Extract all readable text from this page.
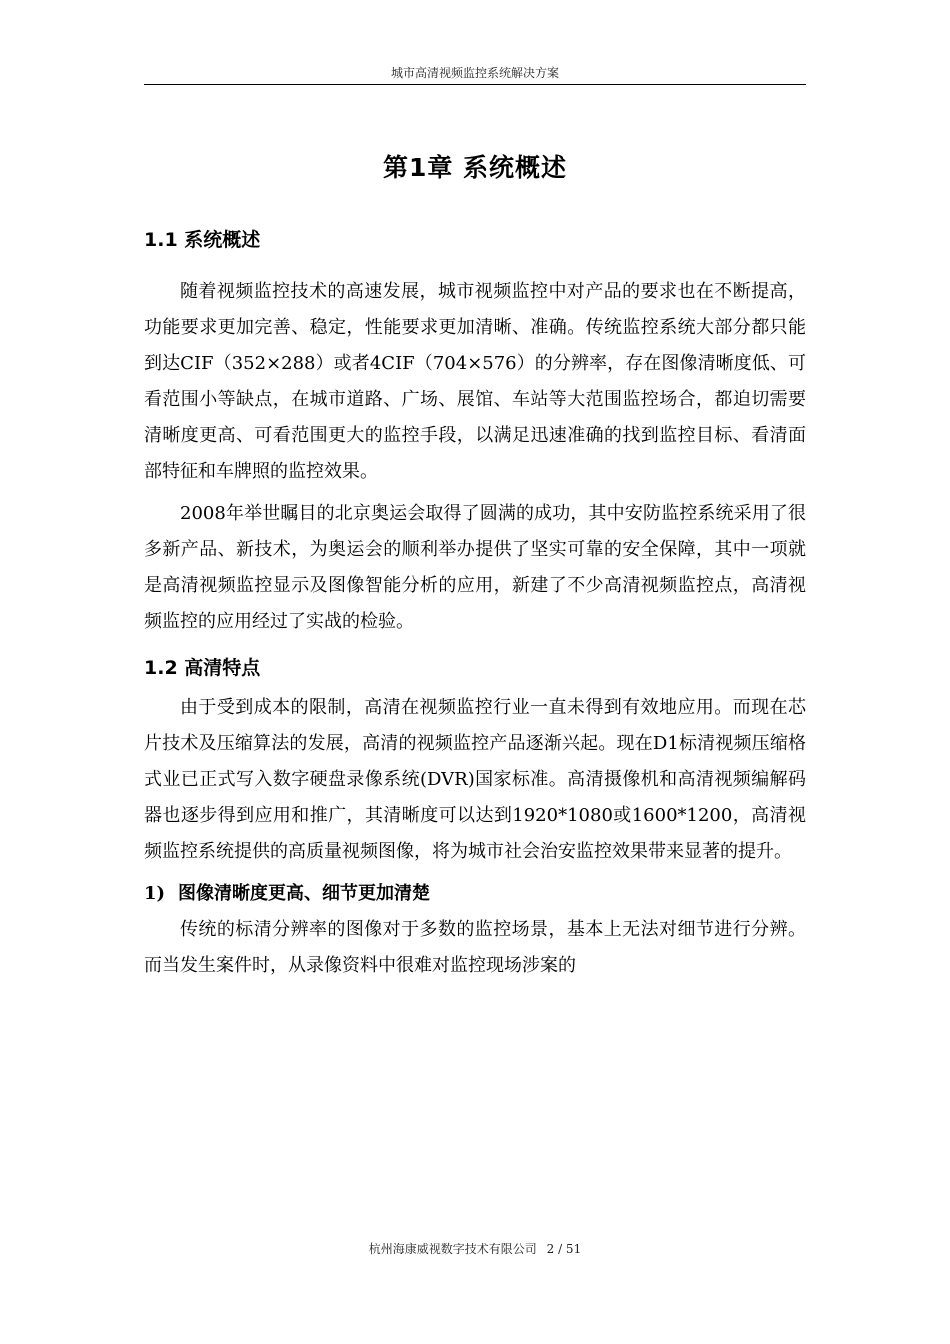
城市高清视频监控系统解决方案
第1章 系统概述
1.1 系统概述

随着视频监控技术的高速发展，城市视频监控中对产品的要求也在不断提高，功能要求更加完善、稳定，性能要求更加清晰、准确。传统监控系统大部分都只能到达CIF（352×288）或者4CIF（704×576）的分辨率，存在图像清晰度低、可看范围小等缺点，在城市道路、广场、展馆、车站等大范围监控场合，都迫切需要清晰度更高、可看范围更大的监控手段，以满足迅速准确的找到监控目标、看清面部特征和车牌照的监控效果。

2008年举世瞩目的北京奥运会取得了圆满的成功，其中安防监控系统采用了很多新产品、新技术，为奥运会的顺利举办提供了坚实可靠的安全保障，其中一项就是高清视频监控显示及图像智能分析的应用，新建了不少高清视频监控点，高清视频监控的应用经过了实战的检验。

1.2 高清特点

由于受到成本的限制，高清在视频监控行业一直未得到有效地应用。而现在芯片技术及压缩算法的发展，高清的视频监控产品逐渐兴起。现在D1标清视频压缩格式业已正式写入数字硬盘录像系统(DVR)国家标准。高清摄像机和高清视频编解码器也逐步得到应用和推广，其清晰度可以达到1920*1080或1600*1200，高清视频监控系统提供的高质量视频图像，将为城市社会治安监控效果带来显著的提升。

1) 图像清晰度更高、细节更加清楚

传统的标清分辨率的图像对于多数的监控场景，基本上无法对细节进行分辨。而当发生案件时，从录像资料中很难对监控现场涉案的

杭州海康威视数字技术有限公司 2 / 51
